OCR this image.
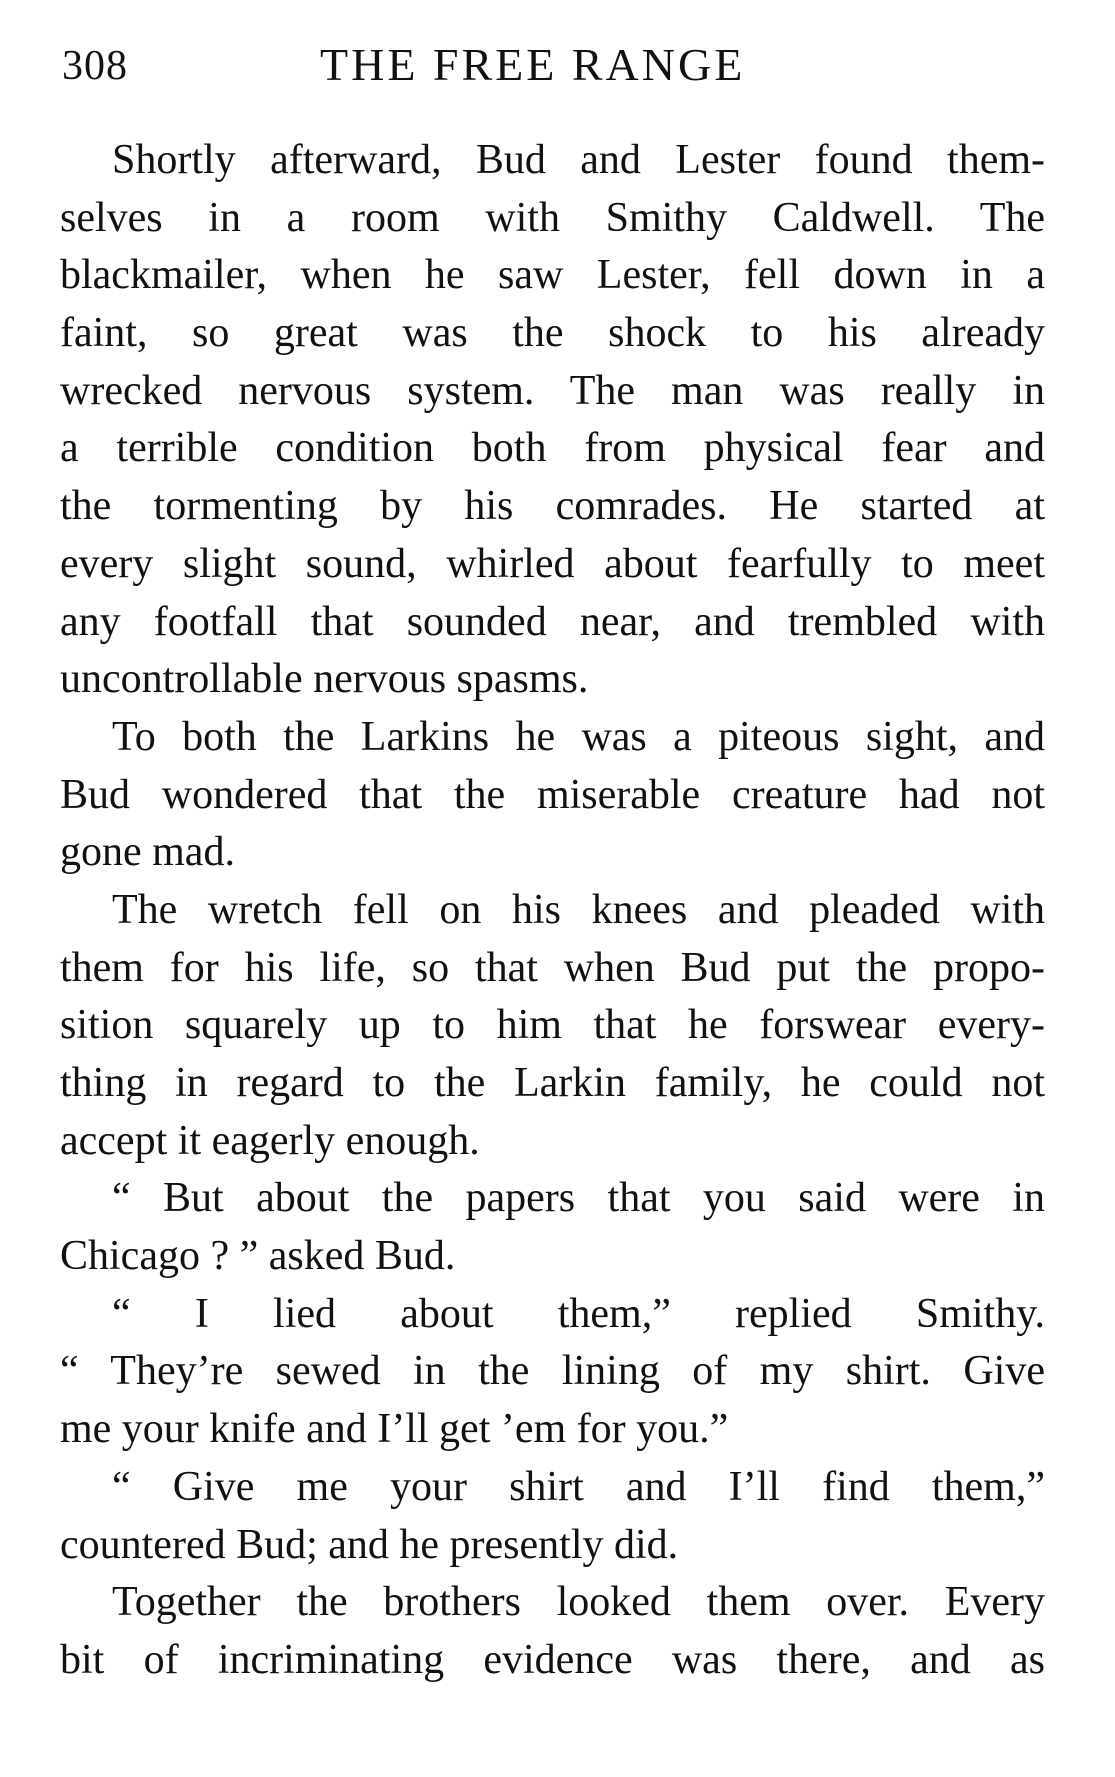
308	THE FREE RANGE
Shortly afterward, Bud and Lester found them-
selves in a room with Smithy Caldwell. The
blackmailer, when he saw Lester, fell down in a
faint, so great was the shock to his already
wrecked nervous system. The man was really in
a terrible condition both from physical fear and
the tormenting by his comrades. He started at
every slight sound, whirled about fearfully to meet
any footfall that sounded near, and trembled with
uncontrollable nervous spasms.
To both the Larkins he was a piteous sight, and
Bud wondered that the miserable creature had not
gone mad.
The wretch fell on his knees and pleaded with
them for his life, so that when Bud put the propo-
sition squarely up to him that he forswear every-
thing in regard to the Larkin family, he could not
accept it eagerly enough.
“ But about the papers that you said were in
Chicago ? ” asked Bud.
“ I lied about them,” replied Smithy.
“ They’re sewed in the lining of my shirt. Give
me your knife and I’ll get ’em for you.”
“ Give me your shirt and I’ll find them,”
countered Bud; and he presently did.
Together the brothers looked them over. Every
bit of incriminating evidence was there, and as
